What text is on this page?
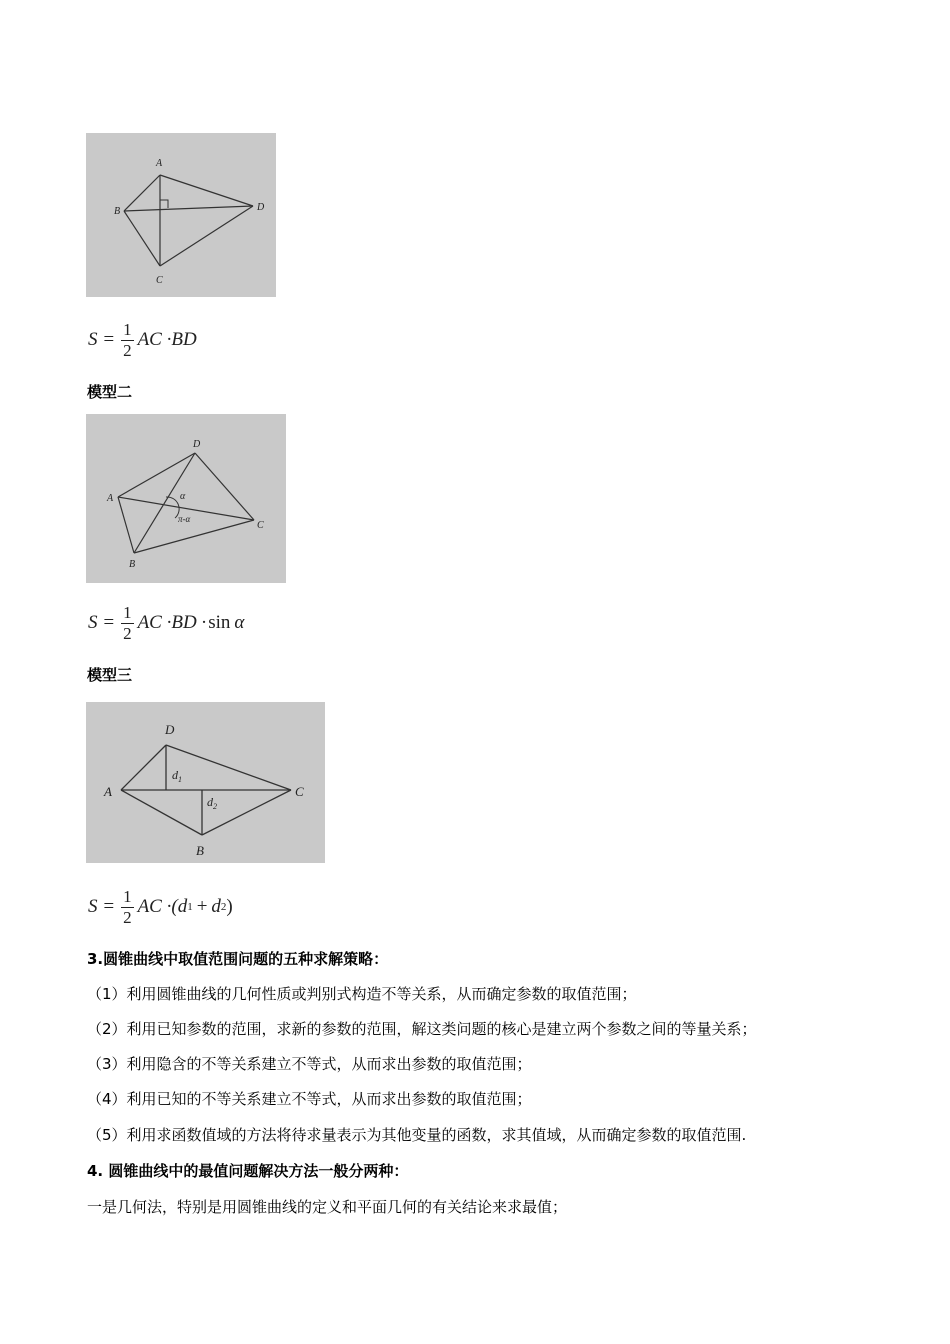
A
B
C
D
$S = \frac{1}{2}$ AC ·BD
模型二
D
A
B
C
α
π-α
$S = \frac{1}{2}$ AC ·BD · sin α
模型三
D
A
B
C
$d_1$
$d_2$
$S = \frac{1}{2}$ AC ·( d 1 + d 2 )
3.圆锥曲线中取值范围问题的五种求解策略：
（1）利用圆锥曲线的几何性质或判别式构造不等关系，从而确定参数的取值范围；
（2）利用已知参数的范围，求新的参数的范围，解这类问题的核心是建立两个参数之间的等量关系；
（3）利用隐含的不等关系建立不等式，从而求出参数的取值范围；
（4）利用已知的不等关系建立不等式，从而求出参数的取值范围；
（5）利用求函数值域的方法将待求量表示为其他变量的函数，求其值域，从而确定参数的取值范围.
4. 圆锥曲线中的最值问题解决方法一般分两种：
一是几何法，特别是用圆锥曲线的定义和平面几何的有关结论来求最值；
